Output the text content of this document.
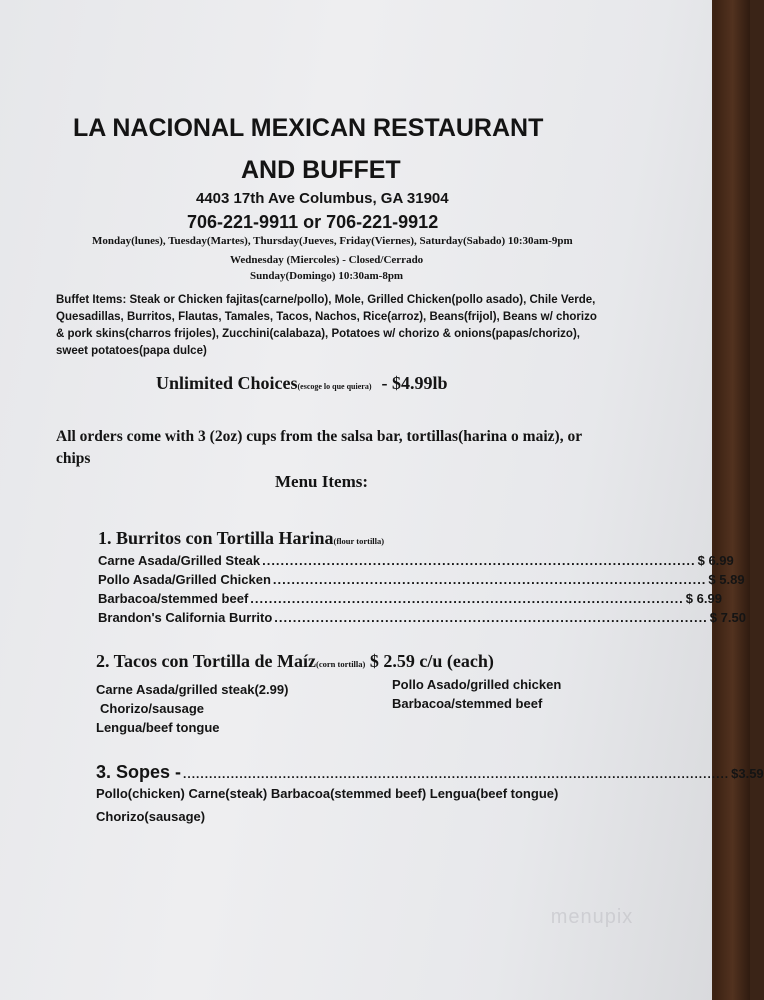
LA NACIONAL MEXICAN RESTAURANT
AND BUFFET
4403 17th Ave Columbus, GA 31904
706-221-9911 or 706-221-9912
Monday(lunes), Tuesday(Martes), Thursday(Jueves, Friday(Viernes), Saturday(Sabado) 10:30am-9pm
Wednesday (Miercoles) - Closed/Cerrado
Sunday(Domingo) 10:30am-8pm

Buffet Items: Steak or Chicken fajitas(carne/pollo), Mole, Grilled Chicken(pollo asado), Chile Verde, Quesadillas, Burritos, Flautas, Tamales, Tacos, Nachos, Rice(arroz), Beans(frijol), Beans w/ chorizo & pork skins(charros frijoles), Zucchini(calabaza), Potatoes w/ chorizo & onions(papas/chorizo), sweet potatoes(papa dulce)

Unlimited Choices(escoge lo que quiera) - $4.99lb

All orders come with 3 (2oz) cups from the salsa bar, tortillas(harina o maiz), or chips

Menu Items:
1. Burritos con Tortilla Harina(flour tortilla)
Carne Asada/Grilled Steak .............................................................................................. $ 6.99
Pollo Asada/Grilled Chicken .............................................................................................. $ 5.89
Barbacoa/stemmed beef .............................................................................................. $ 6.99
Brandon's California Burrito .............................................................................................. $ 7.50
2. Tacos con Tortilla de Maíz(corn tortilla) $ 2.59 c/u (each)
Carne Asada/grilled steak(2.99)
Chorizo/sausage
Lengua/beef tongue
Pollo Asado/grilled chicken
Barbacoa/stemmed beef
3. Sopes - .............................................................................................................................. $3.59
Pollo(chicken) Carne(steak) Barbacoa(stemmed beef) Lengua(beef tongue)
Chorizo(sausage)
menupix
